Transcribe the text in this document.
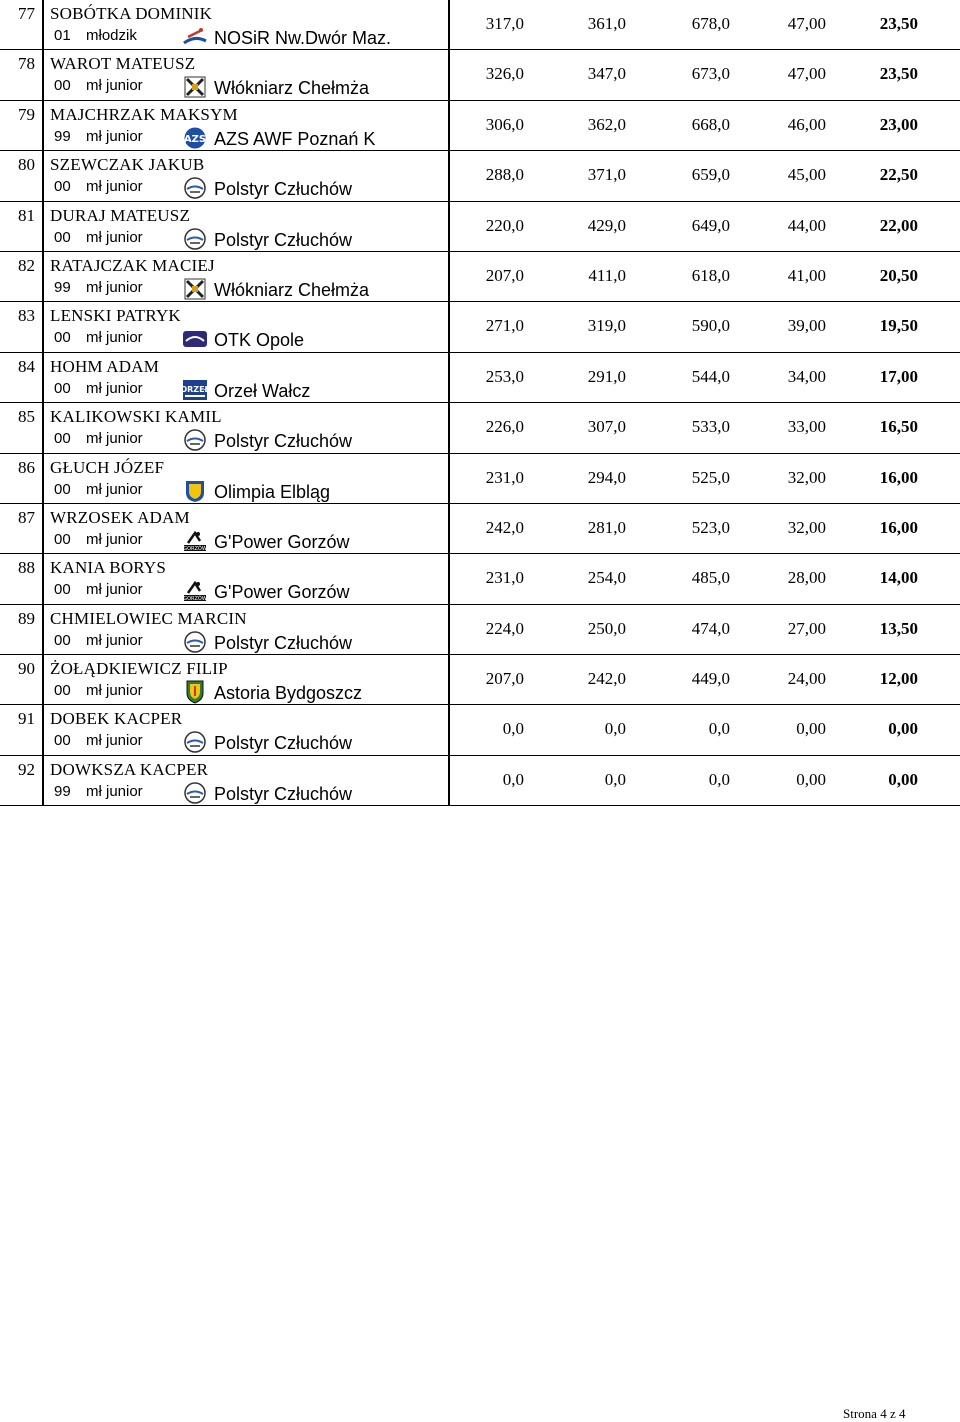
77 SOBÓTKA DOMINIK
01 młodzik	NOSiR Nw.Dwór Maz.
317,0	361,0	678,0	47,00	23,50
78 WAROT MATEUSZ
00 mł junior	Włókniarz Chełmża
326,0	347,0	673,0	47,00	23,50
79 MAJCHRZAK MAKSYM
99 mł junior	AZS AZS AWF Poznań K
306,0	362,0	668,0	46,00	23,00
80 SZEWCZAK JAKUB
00 mł junior	Polstyr Człuchów
288,0	371,0	659,0	45,00	22,50
81 DURAJ MATEUSZ
00 mł junior	Polstyr Człuchów
220,0	429,0	649,0	44,00	22,00
82 RATAJCZAK MACIEJ
99 mł junior	Włókniarz Chełmża
207,0	411,0	618,0	41,00	20,50
83 LENSKI PATRYK
00 mł junior	OTK Opole
271,0	319,0	590,0	39,00	19,50
84 HOHM ADAM
00 mł junior	ORZEŁ Orzeł Wałcz
253,0	291,0	544,0	34,00	17,00
85 KALIKOWSKI KAMIL
00 mł junior	Polstyr Człuchów
226,0	307,0	533,0	33,00	16,50
86 GŁUCH JÓZEF
00 mł junior	Olimpia Elbląg
231,0	294,0	525,0	32,00	16,00
87 WRZOSEK ADAM
00 mł junior
GORZÓW G'Power Gorzów
242,0	281,0	523,0	32,00	16,00
88 KANIA BORYS
00 mł junior
GORZÓW G'Power Gorzów
231,0	254,0	485,0	28,00	14,00
89 CHMIELOWIEC MARCIN
00 mł junior	Polstyr Człuchów
224,0	250,0	474,0	27,00	13,50
90 ŻOŁĄDKIEWICZ FILIP
00 mł junior	Astoria Bydgoszcz
207,0	242,0	449,0	24,00	12,00
91 DOBEK KACPER
00 mł junior	Polstyr Człuchów
0,0	0,0	0,0	0,00	0,00
92 DOWKSZA KACPER
99 mł junior	Polstyr Człuchów
0,0	0,0	0,0	0,00	0,00
Strona 4 z 4
